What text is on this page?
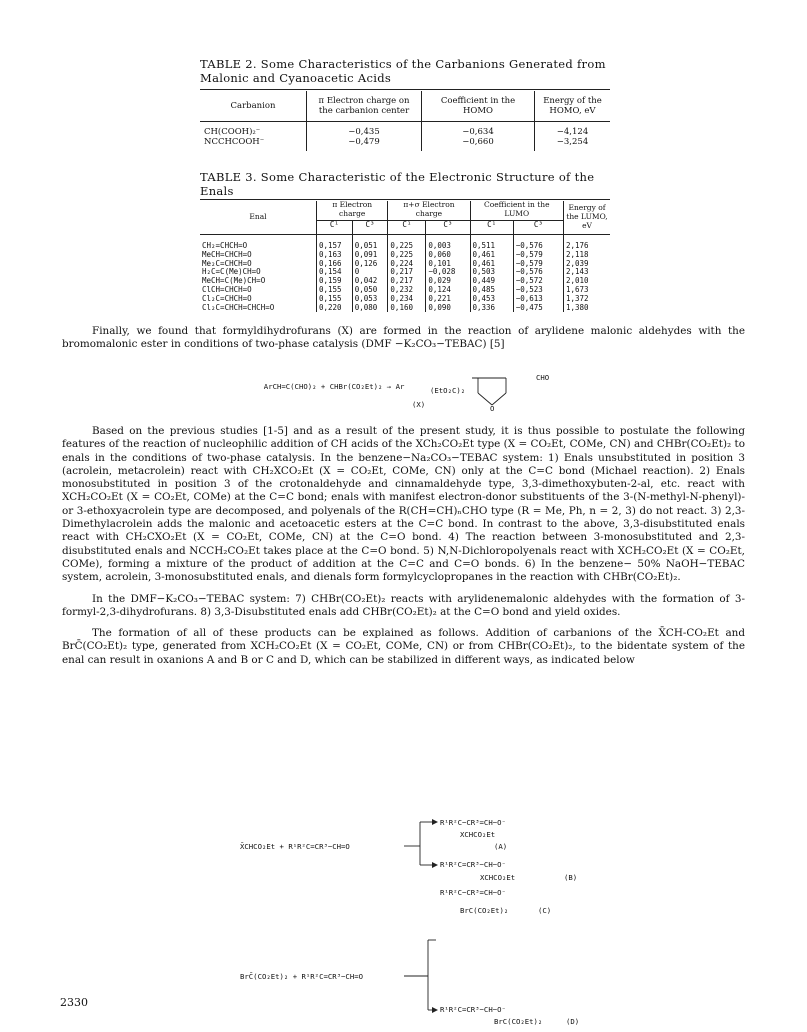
TABLE 2. Some Characteristics of the Carbanions Generated from Malonic and Cyanoacetic Acids
Carbanion	π Electron charge on the carbanion center	Coefficient in the HOMO	Energy of the HOMO, eV

CH(COOH)₂⁻	−0,435	−0,634	−4,124
NCCHCOOH⁻	−0,479	−0,660	−3,254

TABLE 3. Some Characteristic of the Electronic Structure of the Enals
Enal	π Electron charge		π+σ Electron charge		Coefficient in the LUMO		Energy of the LUMO, eV
	C¹	C³	C¹	C³	C¹	C³	

CH₂=CHCH=O	0,157	0,051	0,225	0,003	0,511	−0,576	2,176
MeCH=CHCH=O	0,163	0,091	0,225	0,060	0,461	−0,579	2,118
Me₂C=CHCH=O	0,166	0,126	0,224	0,101	0,461	−0,579	2,039
H₂C=C(Me)CH=O	0,154	0	0,217	−0,028	0,503	−0,576	2,143
MeCH=C(Me)CH=O	0,159	0,042	0,217	0,029	0,449	−0,572	2,010
ClCH=CHCH=O	0,155	0,050	0,232	0,124	0,485	−0,523	1,673
Cl₂C=CHCH=O	0,155	0,053	0,234	0,221	0,453	−0,613	1,372
Cl₂C=CHCH=CHCH=O	0,220	0,080	0,160	0,090	0,336	−0,475	1,380

Finally, we found that formyldihydrofurans (X) are formed in the reaction of arylidene malonic aldehydes with the bromomalonic ester in conditions of two-phase catalysis (DMF −K₂CO₃−TEBAC) [5]

ArCH=C(CHO)₂ + CHBr(CO₂Et)₂ → Ar

CHO
(EtO₂C)₂
(X)	O

Based on the previous studies [1-5] and as a result of the present study, it is thus possible to postulate the following features of the reaction of nucleophilic addition of CH acids of the XCh₂CO₂Et type (X = CO₂Et, COMe, CN) and CHBr(CO₂Et)₂ to enals in the conditions of two-phase catalysis. In the benzene−Na₂CO₃−TEBAC system: 1) Enals unsubstituted in position 3 (acrolein, metacrolein) react with CH₂XCO₂Et (X = CO₂Et, COMe, CN) only at the C=C bond (Michael reaction). 2) Enals monosubstituted in position 3 of the crotonaldehyde and cinnamaldehyde type, 3,3-dimethoxybuten-2-al, etc. react with XCH₂CO₂Et (X = CO₂Et, COMe) at the C=C bond; enals with manifest electron-donor substituents of the 3-(N-methyl-N-phenyl)- or 3-ethoxyacrolein type are decomposed, and polyenals of the R(CH=CH)ₙCHO type (R = Me, Ph, n = 2, 3) do not react. 3) 2,3-Dimethylacrolein adds the malonic and acetoacetic esters at the C=C bond. In contrast to the above, 3,3-disubstituted enals react with CH₂CXO₂Et (X = CO₂Et, COMe, CN) at the C=O bond. 4) The reaction between 3-monosubstituted and 2,3-disubstituted enals and NCCH₂CO₂Et takes place at the C=O bond. 5) N,N-Dichloropolyenals react with XCH₂CO₂Et (X = CO₂Et, COMe), forming a mixture of the product of addition at the C=C and C=O bonds. 6) In the benzene− 50% NaOH−TEBAC system, acrolein, 3-monosubstituted enals, and dienals form formylcyclopropanes in the reaction with CHBr(CO₂Et)₂.

In the DMF−K₂CO₃−TEBAC system: 7) CHBr(CO₂Et)₂ reacts with arylidenemalonic aldehydes with the formation of 3-formyl-2,3-dihydrofurans. 8) 3,3-Disubstituted enals add CHBr(CO₂Et)₂ at the C=O bond and yield oxides.

The formation of all of these products can be explained as follows. Addition of carbanions of the X̄CH-CO₂Et and BrC̄(CO₂Et)₂ type, generated from XCH₂CO₂Et (X = CO₂Et, COMe, CN) or from CHBr(CO₂Et)₂, to the bidentate system of the enal can result in oxanions A and B or C and D, which can be stabilized in different ways, as indicated below

X̄CHCO₂Et + R¹R²C=CR³−CH=O
R¹R²C−CR³=CH−O⁻
XCHCO₂Et
(A)
R¹R²C=CR³−CH−O⁻
XCHCO₂Et	(B)
R¹R²C−CR³=CH−O⁻
BrC(CO₂Et)₂	(C)
BrC̄(CO₂Et)₂ + R¹R²C=CR³−CH=O
R¹R²C=CR³−CH−O⁻
BrC(CO₂Et)₂	(D)
2330
